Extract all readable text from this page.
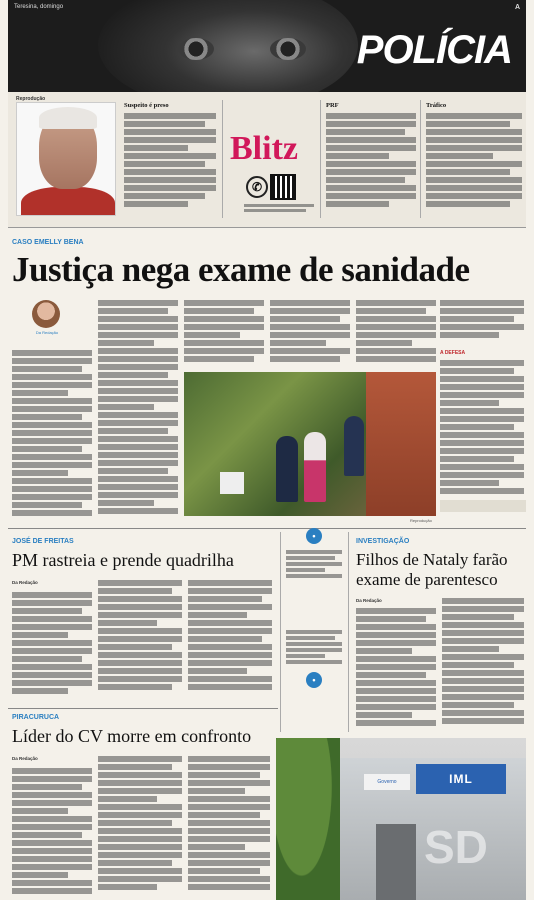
Teresina, domingo	A
POLÍCIA
Reprodução
Suspeito é preso
Blitz
✆
PRF	Tráfico
CASO EMELLY BENA
Justiça nega exame de sanidade
Da Redação
A DEFESA
Reprodução
JOSÉ DE FREITAS
PM rastreia e prende quadrilha
Da Redação
•
•
INVESTIGAÇÃO
Filhos de Nataly farão
exame de parentesco
Da Redação
PIRACURUCA
Líder do CV morre em confronto
Da Redação
Governo	IML
SD
